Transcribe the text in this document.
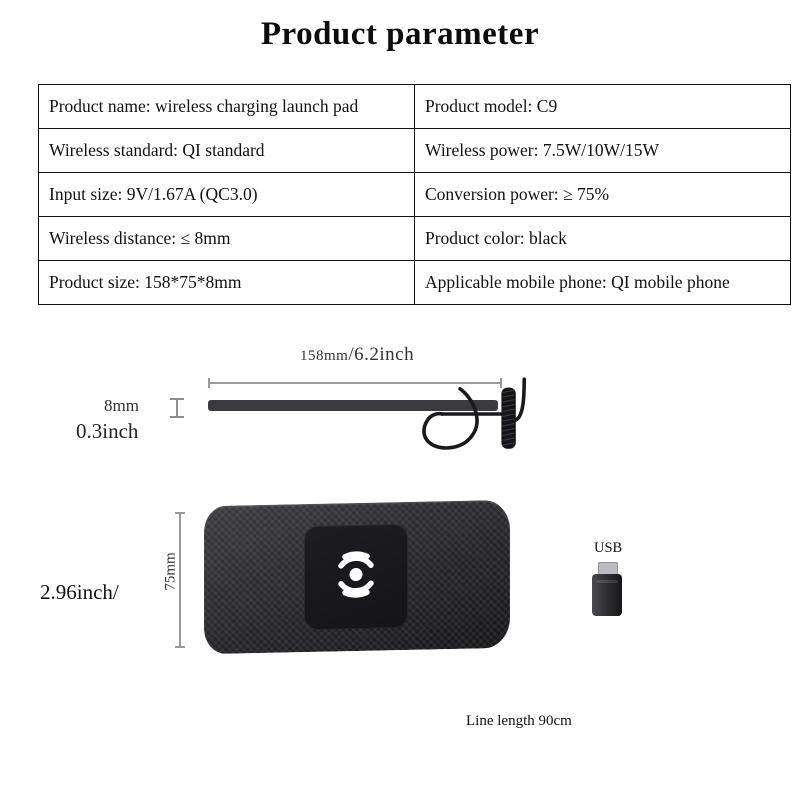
Product parameter
Product name: wireless charging launch pad	Product model: C9
Wireless standard: QI standard	Wireless power: 7.5W/10W/15W
Input size: 9V/1.67A (QC3.0)	Conversion power: ≥ 75%
Wireless distance: ≤ 8mm	Product color: black
Product size: 158*75*8mm	Applicable mobile phone: QI mobile phone
158mm/6.2inch
8mm
0.3inch
75mm
2.96inch/
USB
Line length 90cm
